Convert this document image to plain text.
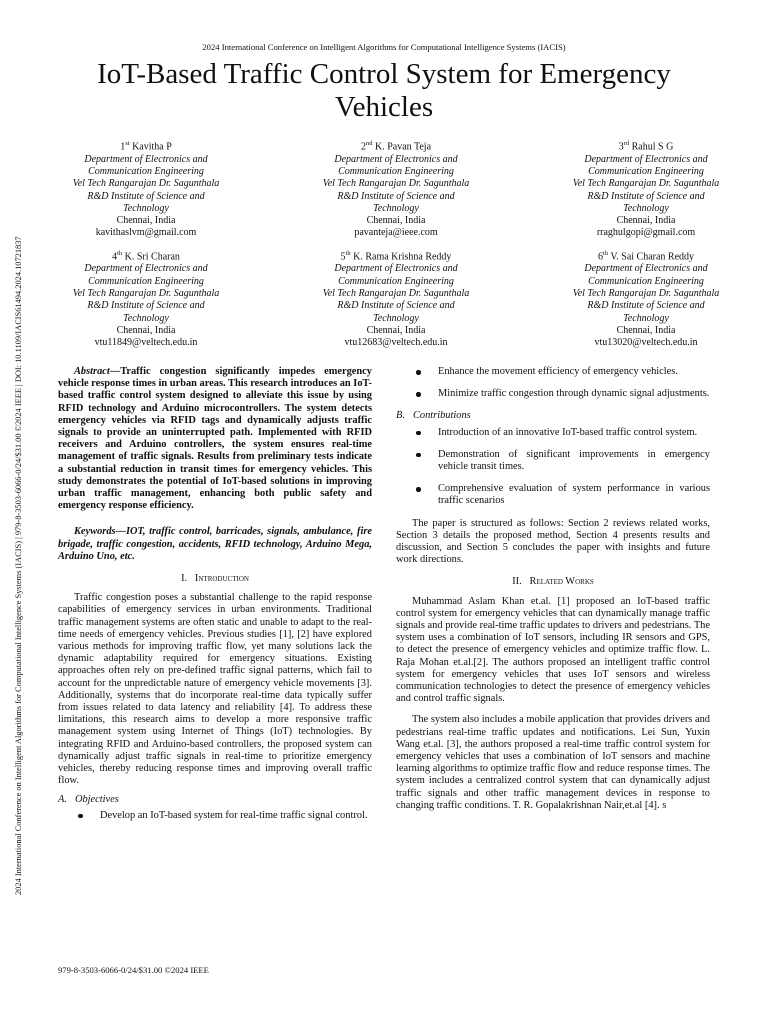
2024 International Conference on Intelligent Algorithms for Computational Intelligence Systems (IACIS)
IoT-Based Traffic Control System for Emergency
Vehicles
2024 International Conference on Intelligent Algorithms for Computational Intelligence Systems (IACIS) | 979-8-3503-6066-0/24/$31.00 ©2024 IEEE | DOI: 10.1109/IACIS61494.2024.10721837
1st Kavitha P
Department of Electronics and
Communication Engineering
Vel Tech Rangarajan Dr. Sagunthala
R&D Institute of Science and
Technology
Chennai, India
kavithaslvm@gmail.com
2nd K. Pavan Teja
Department of Electronics and
Communication Engineering
Vel Tech Rangarajan Dr. Sagunthala
R&D Institute of Science and
Technology
Chennai, India
pavanteja@ieee.com
3rd Rahul S G
Department of Electronics and
Communication Engineering
Vel Tech Rangarajan Dr. Sagunthala
R&D Institute of Science and
Technology
Chennai, India
rraghulgopi@gmail.com
4th K. Sri Charan
Department of Electronics and
Communication Engineering
Vel Tech Rangarajan Dr. Sagunthala
R&D Institute of Science and
Technology
Chennai, India
vtu11849@veltech.edu.in
5th K. Rama Krishna Reddy
Department of Electronics and
Communication Engineering
Vel Tech Rangarajan Dr. Sagunthala
R&D Institute of Science and
Technology
Chennai, India
vtu12683@veltech.edu.in
6th V. Sai Charan Reddy
Department of Electronics and
Communication Engineering
Vel Tech Rangarajan Dr. Sagunthala
R&D Institute of Science and
Technology
Chennai, India
vtu13020@veltech.edu.in

Abstract—Traffic congestion significantly impedes emergency vehicle response times in urban areas. This research introduces an IoT-based traffic control system designed to alleviate this issue by using RFID technology and Arduino microcontrollers. The system detects emergency vehicles via RFID tags and dynamically adjusts traffic signals to provide an uninterrupted path. Implemented with RFID receivers and Arduino controllers, the system ensures real-time management of traffic signals. Results from preliminary tests indicate a substantial reduction in transit times for emergency vehicles. This study demonstrates the potential of IoT-based solutions in improving urban traffic management, enhancing both public safety and emergency response efficiency.

Keywords—IOT, traffic control, barricades, signals, ambulance, fire brigade, traffic congestion, accidents, RFID technology, Arduino Mega, Arduino Uno, etc.

I. Introduction

Traffic congestion poses a substantial challenge to the rapid response capabilities of emergency services in urban environments. Traditional traffic management systems are often static and unable to adapt to the real-time needs of emergency vehicles. Previous studies [1], [2] have explored various methods for improving traffic flow, yet many solutions lack the dynamic adaptability required for emergency situations. Existing approaches often rely on pre-defined traffic signal patterns, which fail to account for the unpredictable nature of emergency vehicle movements [3]. Additionally, systems that do incorporate real-time data typically suffer from issues related to data latency and reliability [4]. To address these limitations, this research aims to develop a more responsive traffic management system using Internet of Things (IoT) technologies. By integrating RFID and Arduino-based controllers, the proposed system can dynamically adjust traffic signals in real-time to prioritize emergency vehicles, thereby reducing response times and improving overall traffic flow.

A. Objectives
Develop an IoT-based system for real-time traffic signal control.
Enhance the movement efficiency of emergency vehicles.
Minimize traffic congestion through dynamic signal adjustments.
B. Contributions
Introduction of an innovative IoT-based traffic control system.
Demonstration of significant improvements in emergency vehicle transit times.
Comprehensive evaluation of system performance in various traffic scenarios

The paper is structured as follows: Section 2 reviews related works, Section 3 details the proposed method, Section 4 presents results and discussion, and Section 5 concludes the paper with insights and future work directions.

II. Related Works

Muhammad Aslam Khan et.al. [1] proposed an IoT-based traffic control system for emergency vehicles that can dynamically manage traffic signals and provide real-time traffic updates to drivers and pedestrians. The system uses a combination of IoT sensors, including IR sensors and GPS, to detect the presence of emergency vehicles and optimize traffic flow. L. Raja Mohan et.al.[2]. The authors proposed an intelligent traffic control system for emergency vehicles that uses IoT sensors and wireless communication technologies to detect the presence of emergency vehicles and control traffic signals.

The system also includes a mobile application that provides drivers and pedestrians real-time traffic updates and notifications. Lei Sun, Yuxin Wang et.al. [3], the authors proposed a real-time traffic control system for emergency vehicles that uses a combination of IoT sensors and machine learning algorithms to optimize traffic flow and reduce response times. The system includes a centralized control system that can dynamically adjust traffic signals and other traffic management devices in response to changing traffic conditions. T. R. Gopalakrishnan Nair,et.al [4]. s

979-8-3503-6066-0/24/$31.00 ©2024 IEEE
